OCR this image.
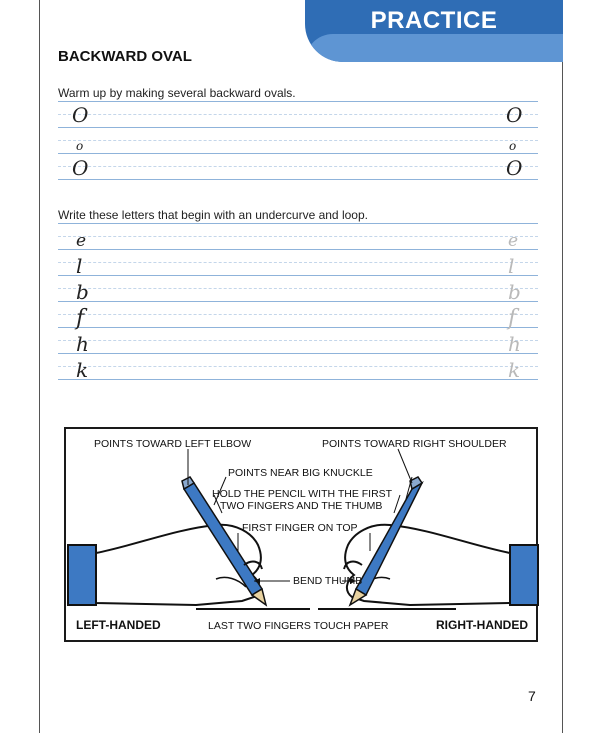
PRACTICE
BACKWARD OVAL
Warm up by making several backward ovals.
O	O
o	o
O	O
Write these letters that begin with an undercurve and loop.
e	e
l	l
b	b
f	f
h	h
k	k
POINTS TOWARD LEFT ELBOW	POINTS TOWARD RIGHT SHOULDER
POINTS NEAR BIG KNUCKLE
HOLD THE PENCIL WITH THE FIRST
TWO FINGERS AND THE THUMB
FIRST FINGER ON TOP
BEND THUMB
LEFT-HANDED	LAST TWO FINGERS TOUCH PAPER	RIGHT-HANDED
7
